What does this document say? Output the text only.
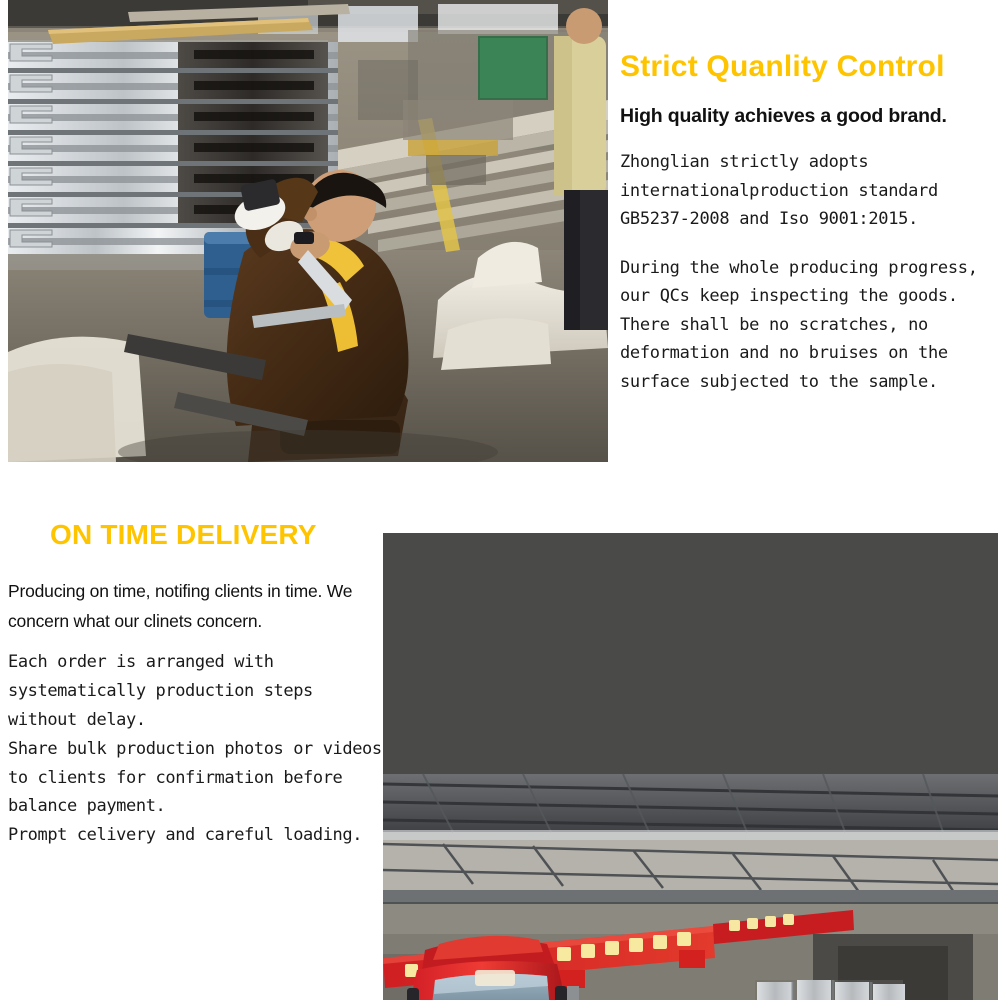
Strict Quanlity Control
High quality achieves a good brand.
Zhonglian strictly adopts internationalproduction standard GB5237-2008 and Iso 9001:2015.
During the whole producing progress, our QCs keep inspecting the goods. There shall be no scratches, no deformation and no bruises on the surface subjected to the sample.
ON TIME DELIVERY
Producing on time, notifing clients in time. We concern what our clinets concern.
Each order is arranged with systematically production steps without delay.
Share bulk production photos or videos to clients for confirmation before balance payment.
Prompt celivery and careful loading.
